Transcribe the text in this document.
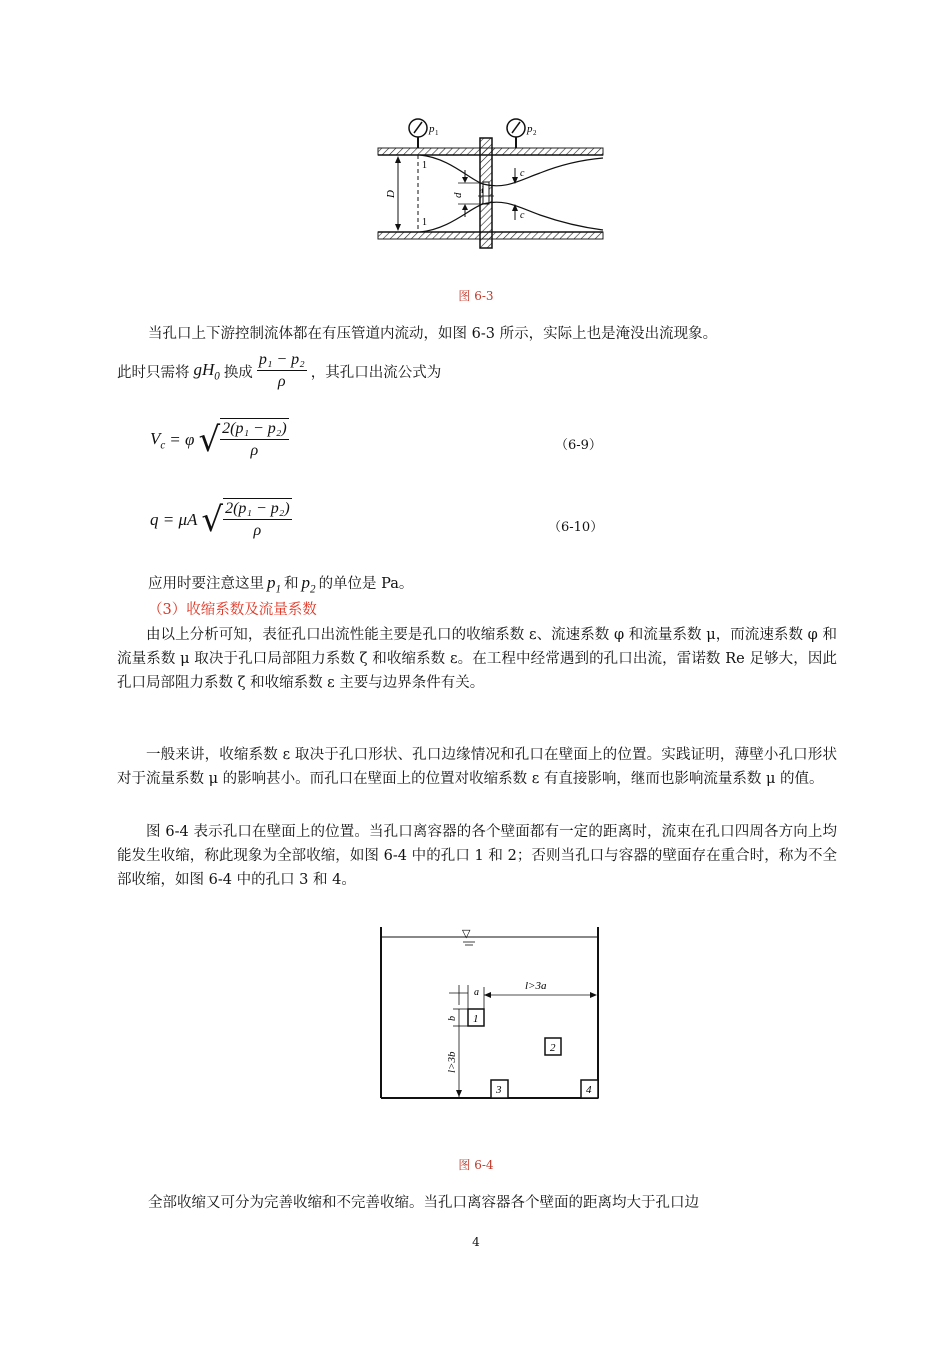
p 1	p 2
1
1
D	d l
c
c
图 6-3
当孔口上下游控制流体都在有压管道内流动，如图 6-3 所示，实际上也是淹没出流现象。
此时只需将 $gH_0$ 换成 $\frac{\text{p₁ − p₂}}{\rho}$ ，其孔口出流公式为
$V_c = \varphi$ √ $\frac{\text{2(p₁ − p₂)}}{\rho}$	（6-9）
q = μA √ $\frac{\text{2(p₁ − p₂)}}{\rho}$	（6-10）
应用时要注意这里 $p_1$ 和 $p_2$ 的单位是 Pa。
（3）收缩系数及流量系数
由以上分析可知，表征孔口出流性能主要是孔口的收缩系数 ε、流速系数 φ 和流量系数 μ，而流速系数 φ 和流量系数 μ 取决于孔口局部阻力系数 ζ 和收缩系数 ε。在工程中经常遇到的孔口出流，雷诺数 Re 足够大，因此孔口局部阻力系数 ζ 和收缩系数 ε 主要与边界条件有关。
一般来讲，收缩系数 ε 取决于孔口形状、孔口边缘情况和孔口在壁面上的位置。实践证明，薄壁小孔口形状对于流量系数 μ 的影响甚小。而孔口在壁面上的位置对收缩系数 ε 有直接影响，继而也影响流量系数 μ 的值。
图 6-4 表示孔口在壁面上的位置。当孔口离容器的各个壁面都有一定的距离时，流束在孔口四周各方向上均能发生收缩，称此现象为全部收缩，如图 6-4 中的孔口 1 和 2；否则当孔口与容器的壁面存在重合时，称为不全部收缩，如图 6-4 中的孔口 3 和 4。
▽
a
l>3a
b
l>3b
1
2
3	4
图 6-4
全部收缩又可分为完善收缩和不完善收缩。当孔口离容器各个壁面的距离均大于孔口边
4
